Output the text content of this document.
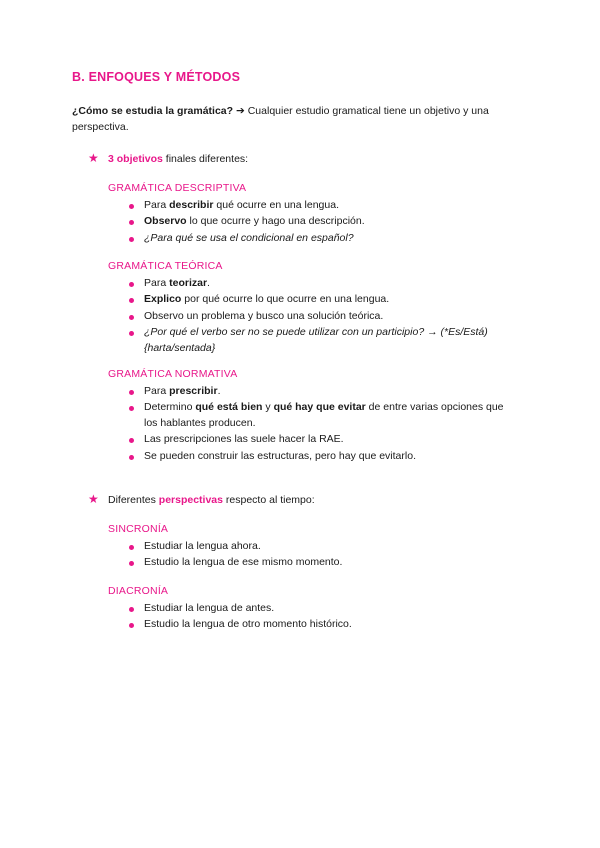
B. ENFOQUES Y MÉTODOS
¿Cómo se estudia la gramática? ➔ Cualquier estudio gramatical tiene un objetivo y una
perspectiva.
★ 3 objetivos finales diferentes:
GRAMÁTICA DESCRIPTIVA
Para describir qué ocurre en una lengua.
Observo lo que ocurre y hago una descripción.
¿Para qué se usa el condicional en español?
GRAMÁTICA TEÓRICA
Para teorizar.
Explico por qué ocurre lo que ocurre en una lengua.
Observo un problema y busco una solución teórica.
¿Por qué el verbo ser no se puede utilizar con un participio? → (*Es/Está)
{harta/sentada}
GRAMÁTICA NORMATIVA
Para prescribir.
Determino qué está bien y qué hay que evitar de entre varias opciones que
los hablantes producen.
Las prescripciones las suele hacer la RAE.
Se pueden construir las estructuras, pero hay que evitarlo.
★ Diferentes perspectivas respecto al tiempo:
SINCRONÍA
Estudiar la lengua ahora.
Estudio la lengua de ese mismo momento.
DIACRONÍA
Estudiar la lengua de antes.
Estudio la lengua de otro momento histórico.
